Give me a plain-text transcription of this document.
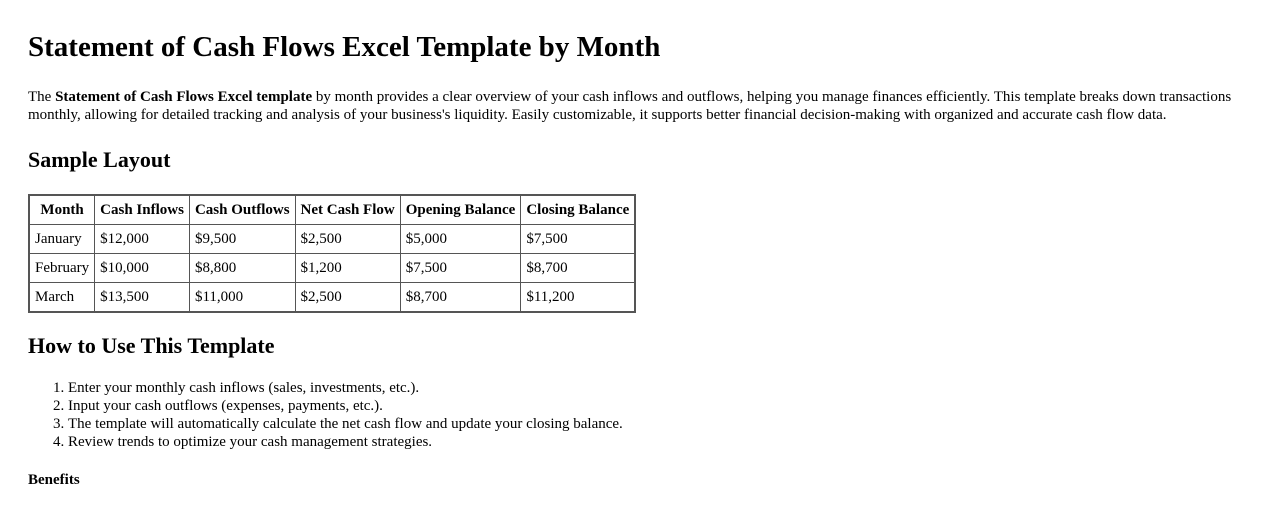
Statement of Cash Flows Excel Template by Month

The Statement of Cash Flows Excel template by month provides a clear overview of your cash inflows and outflows, helping you manage finances efficiently. This template breaks down transactions monthly, allowing for detailed tracking and analysis of your business's liquidity. Easily customizable, it supports better financial decision-making with organized and accurate cash flow data.

Sample Layout
Month	Cash Inflows	Cash Outflows	Net Cash Flow	Opening Balance	Closing Balance
January	$12,000	$9,500	$2,500	$5,000	$7,500
February	$10,000	$8,800	$1,200	$7,500	$8,700
March	$13,500	$11,000	$2,500	$8,700	$11,200
How to Use This Template
1. Enter your monthly cash inflows (sales, investments, etc.).
2. Input your cash outflows (expenses, payments, etc.).
3. The template will automatically calculate the net cash flow and update your closing balance.
4. Review trends to optimize your cash management strategies.
Benefits
